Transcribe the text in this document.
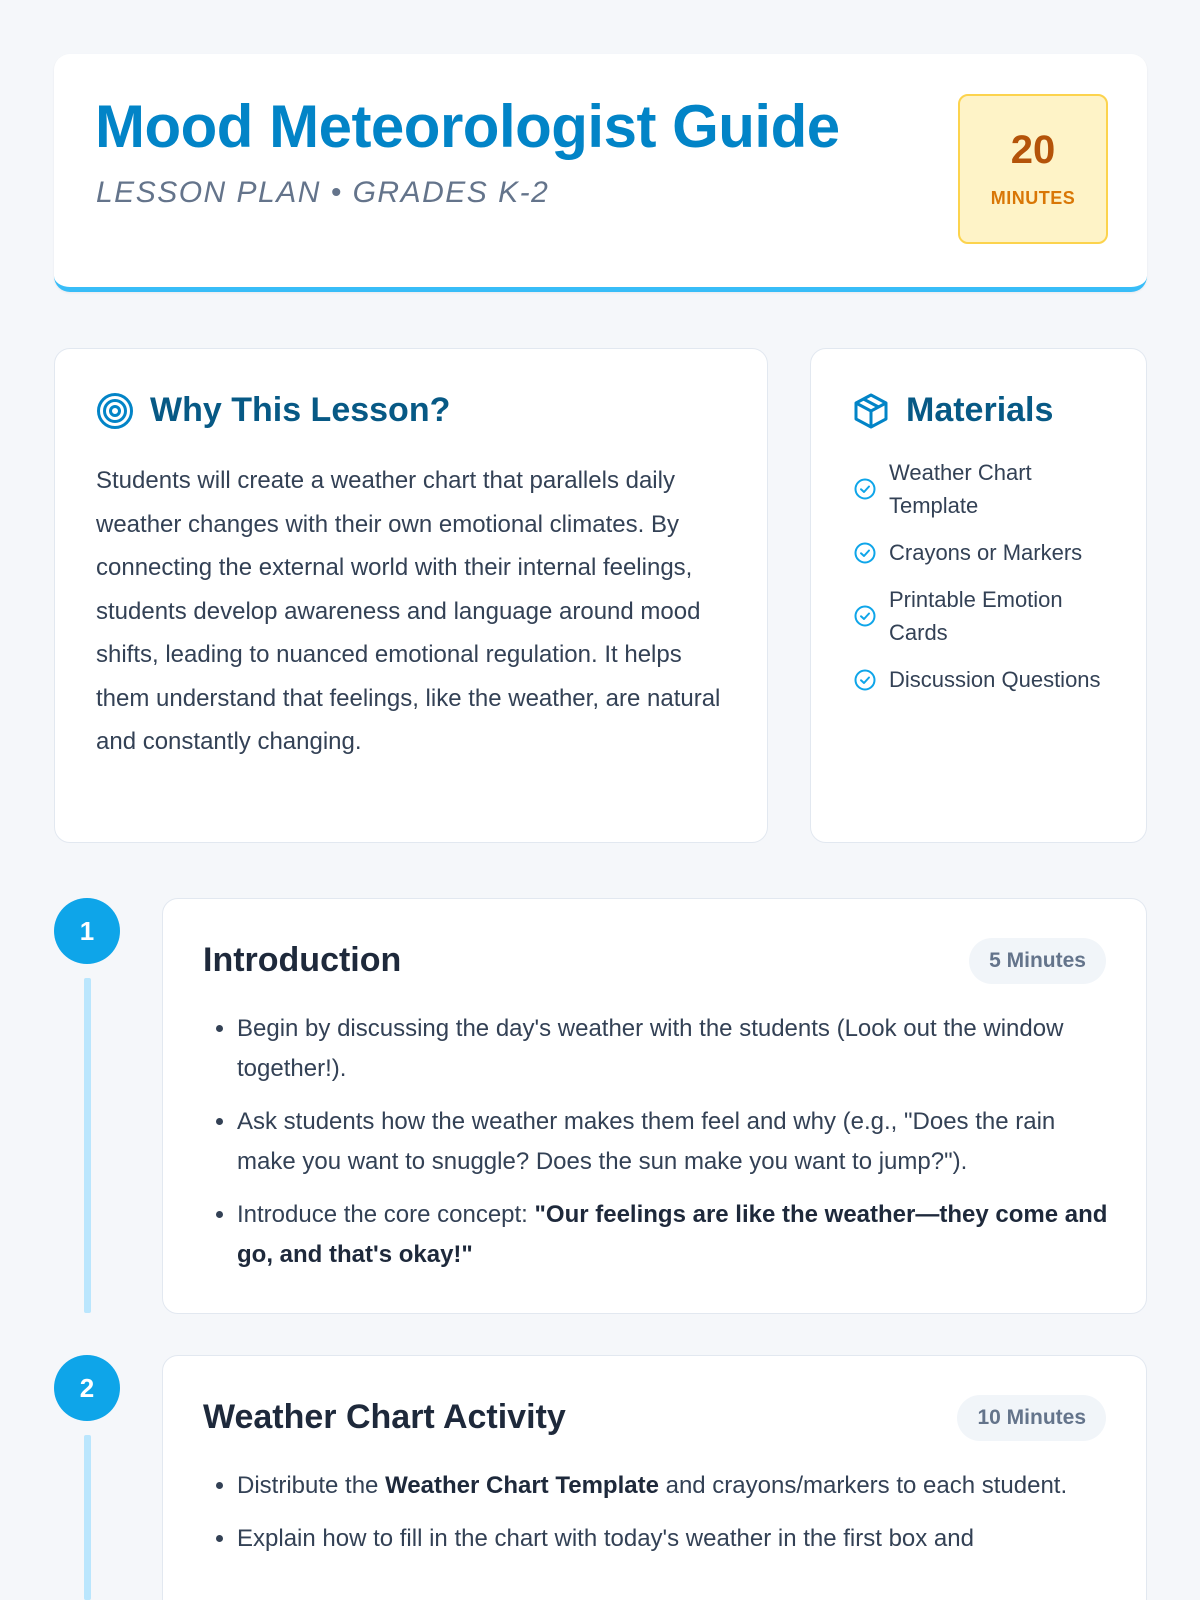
Mood Meteorologist Guide
LESSON PLAN • GRADES K-2
20
MINUTES
Why This Lesson?
Students will create a weather chart that parallels daily weather changes with their own emotional climates. By connecting the external world with their internal feelings, students develop awareness and language around mood shifts, leading to nuanced emotional regulation. It helps them understand that feelings, like the weather, are natural and constantly changing.
Materials
Weather Chart Template
Crayons or Markers
Printable Emotion Cards
Discussion Questions
1
Introduction	5 Minutes
• Begin by discussing the day's weather with the students (Look out the window together!).
• Ask students how the weather makes them feel and why (e.g., "Does the rain make you want to snuggle? Does the sun make you want to jump?").
• Introduce the core concept: "Our feelings are like the weather—they come and go, and that's okay!"
2
Weather Chart Activity	10 Minutes
• Distribute the Weather Chart Template and crayons/markers to each student.
• Explain how to fill in the chart with today's weather in the first box and
